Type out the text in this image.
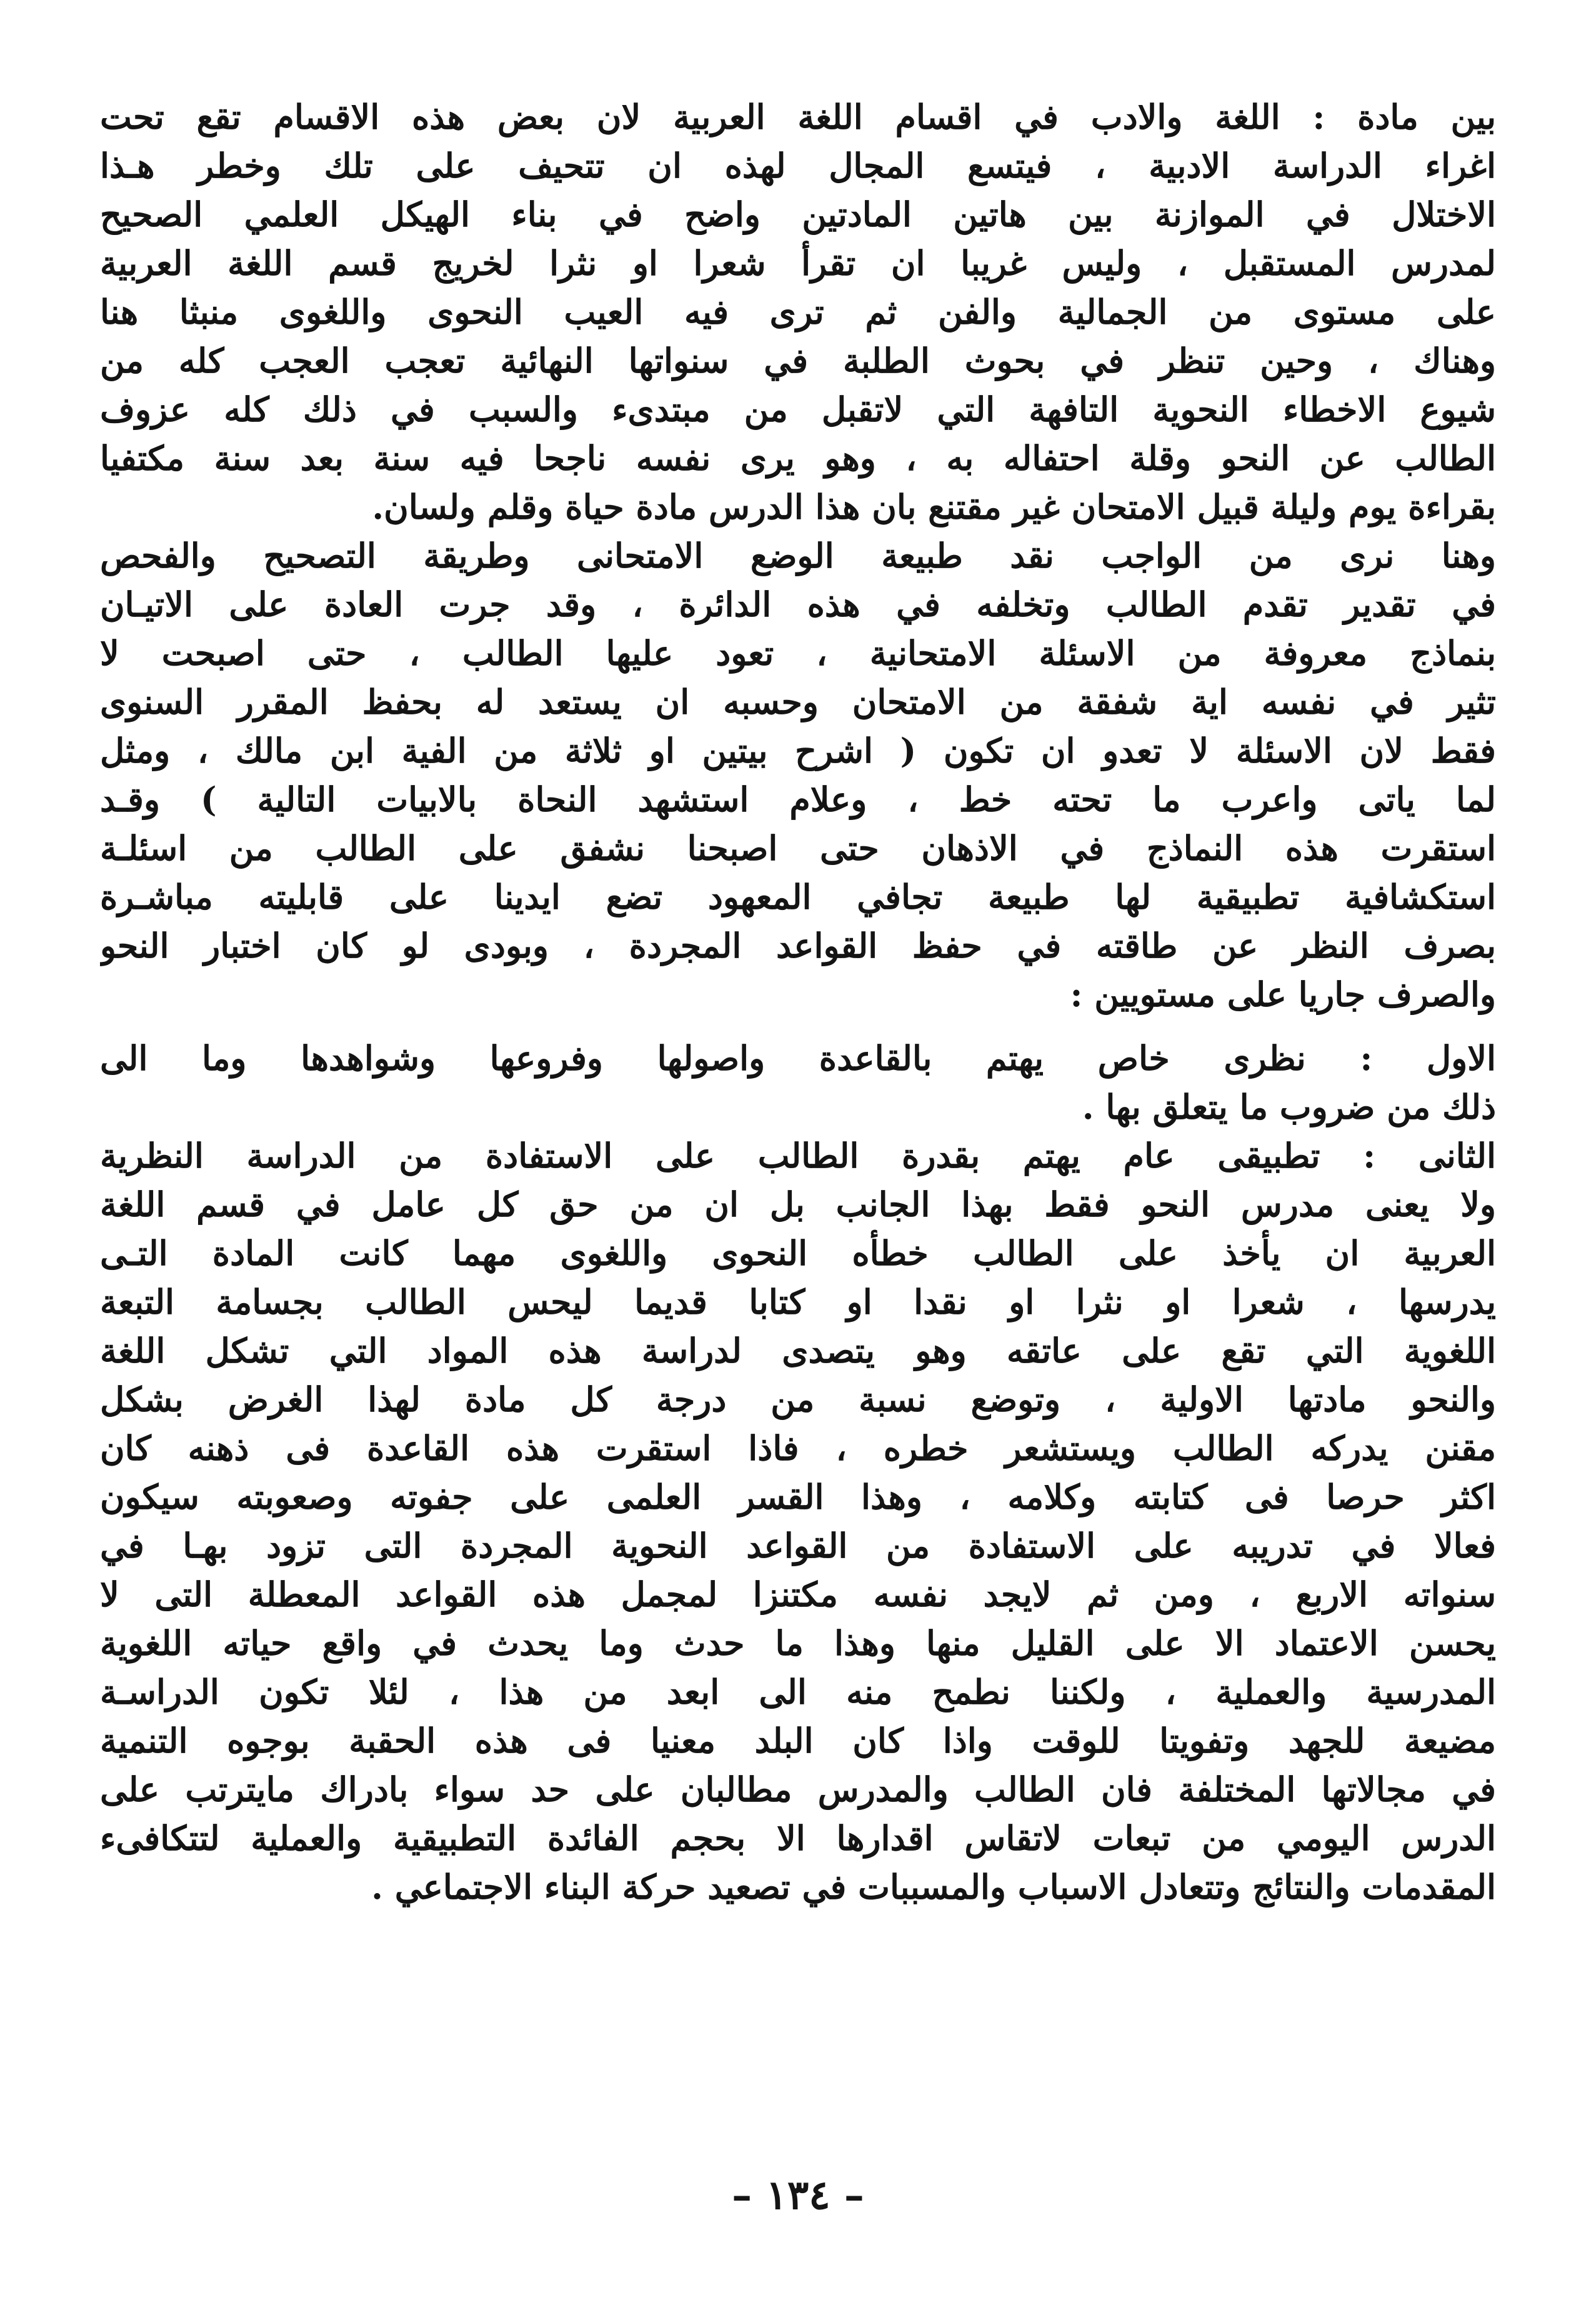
بين مادة : اللغة والادب في اقسام اللغة العربية لان بعض هذه الاقسام تقع تحت
اغراء الدراسة الادبية ، فيتسع المجال لهذه ان تتحيف على تلك وخطر هـذا
الاختلال في الموازنة بين هاتين المادتين واضح في بناء الهيكل العلمي الصحيح
لمدرس المستقبل ، وليس غريبا ان تقرأ شعرا او نثرا لخريج قسم اللغة العربية
على مستوى من الجمالية والفن ثم ترى فيه العيب النحوى واللغوى منبثا هنا
وهناك ، وحين تنظر في بحوث الطلبة في سنواتها النهائية تعجب العجب كله من
شيوع الاخطاء النحوية التافهة التي لاتقبل من مبتدىء والسبب في ذلك كله عزوف
الطالب عن النحو وقلة احتفاله به ، وهو يرى نفسه ناجحا فيه سنة بعد سنة مكتفيا
بقراءة يوم وليلة قبيل الامتحان غير مقتنع بان هذا الدرس مادة حياة وقلم ولسان.
وهنا نرى من الواجب نقد طبيعة الوضع الامتحانى وطريقة التصحيح والفحص
في تقدير تقدم الطالب وتخلفه في هذه الدائرة ، وقد جرت العادة على الاتيـان
بنماذج معروفة من الاسئلة الامتحانية ، تعود عليها الطالب ، حتى اصبحت لا
تثير في نفسه اية شفقة من الامتحان وحسبه ان يستعد له بحفظ المقرر السنوى
فقط لان الاسئلة لا تعدو ان تكون ( اشرح بيتين او ثلاثة من الفية ابن مالك ، ومثل
لما ياتى واعرب ما تحته خط ، وعلام استشهد النحاة بالابيات التالية ) وقـد
استقرت هذه النماذج في الاذهان حتى اصبحنا نشفق على الطالب من اسئلـة
استكشافية تطبيقية لها طبيعة تجافي المعهود تضع ايدينا على قابليته مباشـرة
بصرف النظر عن طاقته في حفظ القواعد المجردة ، وبودى لو كان اختبار النحو
والصرف جاريا على مستويين :
الاول : نظرى خاص يهتم بالقاعدة واصولها وفروعها وشواهدها وما الى
ذلك من ضروب ما يتعلق بها .
الثانى : تطبيقى عام يهتم بقدرة الطالب على الاستفادة من الدراسة النظرية
ولا يعنى مدرس النحو فقط بهذا الجانب بل ان من حق كل عامل في قسم اللغة
العربية ان يأخذ على الطالب خطأه النحوى واللغوى مهما كانت المادة التـى
يدرسها ، شعرا او نثرا او نقدا او كتابا قديما ليحس الطالب بجسامة التبعة
اللغوية التي تقع على عاتقه وهو يتصدى لدراسة هذه المواد التي تشكل اللغة
والنحو مادتها الاولية ، وتوضع نسبة من درجة كل مادة لهذا الغرض بشكل
مقنن يدركه الطالب ويستشعر خطره ، فاذا استقرت هذه القاعدة فى ذهنه كان
اكثر حرصا فى كتابته وكلامه ، وهذا القسر العلمى على جفوته وصعوبته سيكون
فعالا في تدريبه على الاستفادة من القواعد النحوية المجردة التى تزود بهـا في
سنواته الاربع ، ومن ثم لايجد نفسه مكتنزا لمجمل هذه القواعد المعطلة التى لا
يحسن الاعتماد الا على القليل منها وهذا ما حدث وما يحدث في واقع حياته اللغوية
المدرسية والعملية ، ولكننا نطمح منه الى ابعد من هذا ، لئلا تكون الدراسـة
مضيعة للجهد وتفويتا للوقت واذا كان البلد معنيا فى هذه الحقبة بوجوه التنمية
في مجالاتها المختلفة فان الطالب والمدرس مطالبان على حد سواء بادراك مايترتب على
الدرس اليومي من تبعات لاتقاس اقدارها الا بحجم الفائدة التطبيقية والعملية لتتكافىء
المقدمات والنتائج وتتعادل الاسباب والمسببات في تصعيد حركة البناء الاجتماعي .
– ١٣٤ –
